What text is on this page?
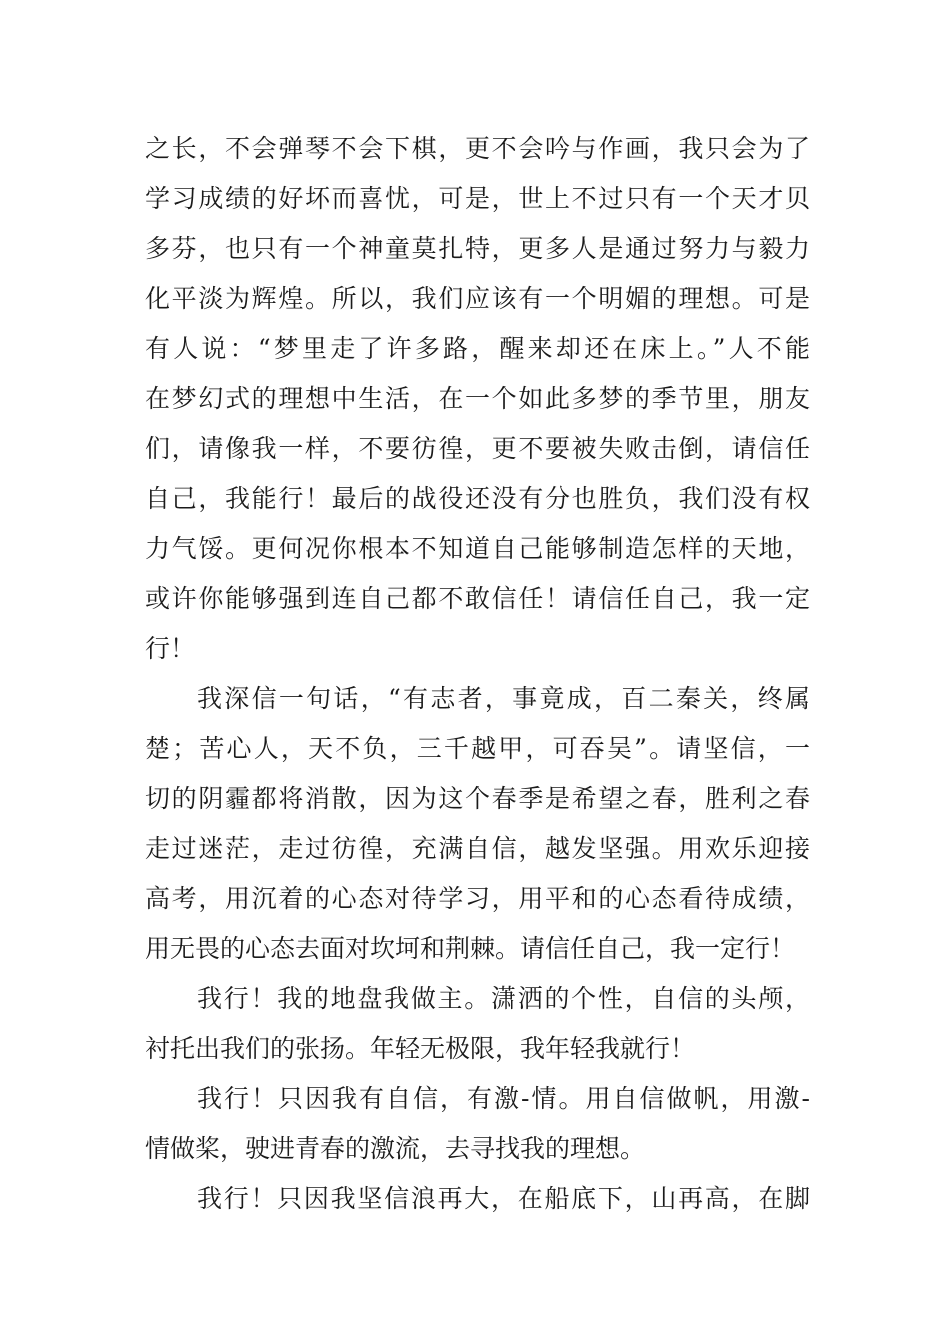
之长，不会弹琴不会下棋，更不会吟与作画，我只会为了
学习成绩的好坏而喜忧，可是，世上不过只有一个天才贝
多芬，也只有一个神童莫扎特，更多人是通过努力与毅力
化平淡为辉煌。所以，我们应该有一个明媚的理想。可是
有人说：“梦里走了许多路，醒来却还在床上。”人不能
在梦幻式的理想中生活，在一个如此多梦的季节里，朋友
们，请像我一样，不要彷徨，更不要被失败击倒，请信任
自己，我能行！最后的战役还没有分也胜负，我们没有权
力气馁。更何况你根本不知道自己能够制造怎样的天地，
或许你能够强到连自己都不敢信任！请信任自己，我一定
行！
我深信一句话，“有志者，事竟成，百二秦关，终属
楚；苦心人，天不负，三千越甲，可吞吴”。请坚信，一
切的阴霾都将消散，因为这个春季是希望之春，胜利之春
走过迷茫，走过彷徨，充满自信，越发坚强。用欢乐迎接
高考，用沉着的心态对待学习，用平和的心态看待成绩，
用无畏的心态去面对坎坷和荆棘。请信任自己，我一定行！
我行！我的地盘我做主。潇洒的个性，自信的头颅，
衬托出我们的张扬。年轻无极限，我年轻我就行！
我行！只因我有自信，有激-情。用自信做帆，用激-
情做桨，驶进青春的激流，去寻找我的理想。
我行！只因我坚信浪再大，在船底下，山再高，在脚
